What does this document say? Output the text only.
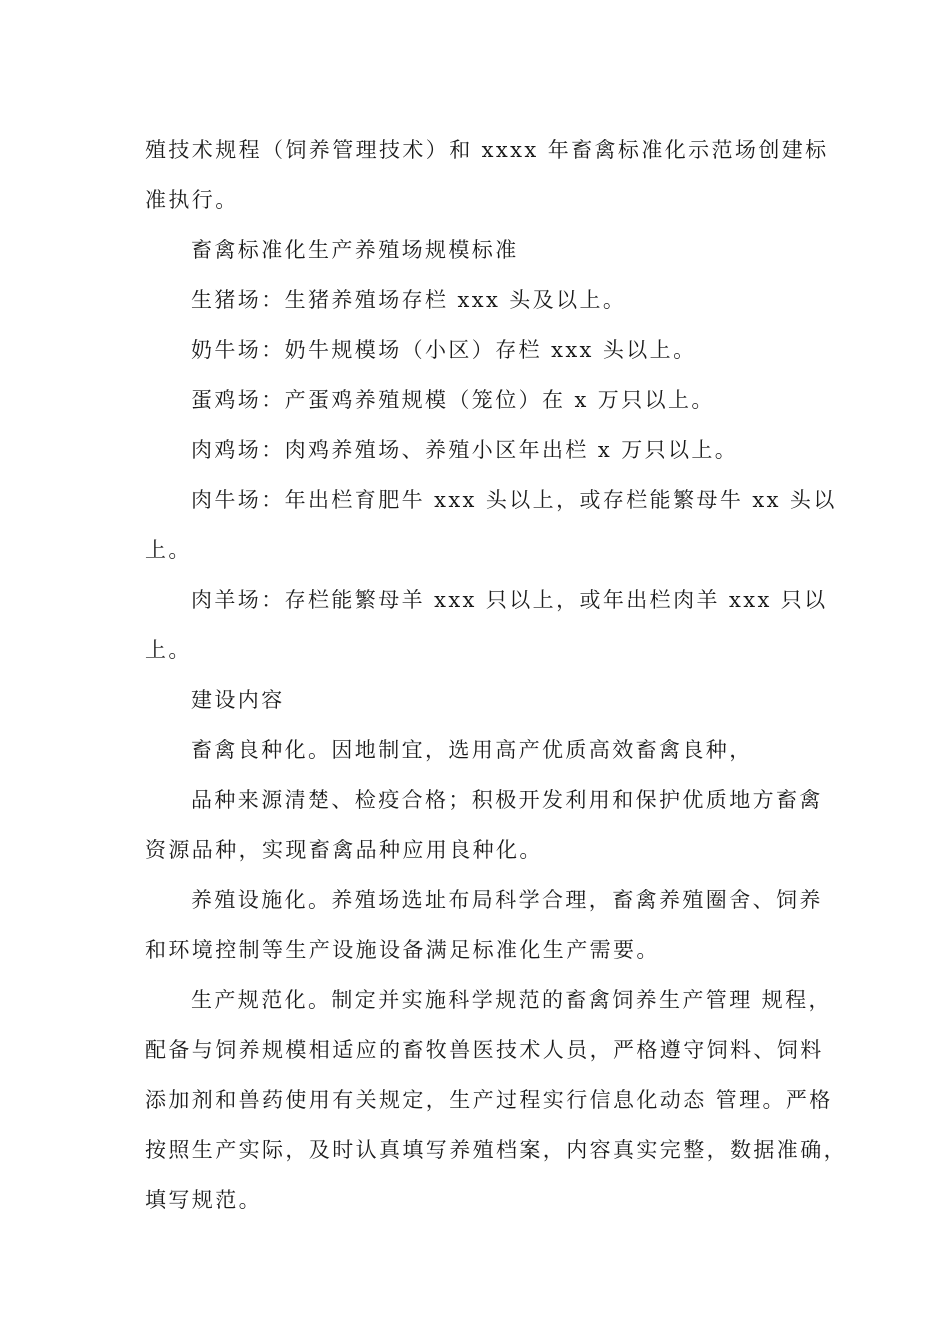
殖技术规程（饲养管理技术）和 xxxx 年畜禽标准化示范场创建标
准执行。
畜禽标准化生产养殖场规模标准
生猪场：生猪养殖场存栏 xxx 头及以上。
奶牛场：奶牛规模场（小区）存栏 xxx 头以上。
蛋鸡场：产蛋鸡养殖规模（笼位）在 x 万只以上。
肉鸡场：肉鸡养殖场、养殖小区年出栏 x 万只以上。
肉牛场：年出栏育肥牛 xxx 头以上，或存栏能繁母牛 xx 头以
上。
肉羊场：存栏能繁母羊 xxx 只以上，或年出栏肉羊 xxx 只以
上。
建设内容
畜禽良种化。因地制宜，选用高产优质高效畜禽良种，
品种来源清楚、检疫合格；积极开发利用和保护优质地方畜禽
资源品种，实现畜禽品种应用良种化。
养殖设施化。养殖场选址布局科学合理，畜禽养殖圈舍、饲养
和环境控制等生产设施设备满足标准化生产需要。
生产规范化。制定并实施科学规范的畜禽饲养生产管理 规程，
配备与饲养规模相适应的畜牧兽医技术人员，严格遵守饲料、饲料
添加剂和兽药使用有关规定，生产过程实行信息化动态 管理。严格
按照生产实际，及时认真填写养殖档案，内容真实完整，数据准确，
填写规范。
